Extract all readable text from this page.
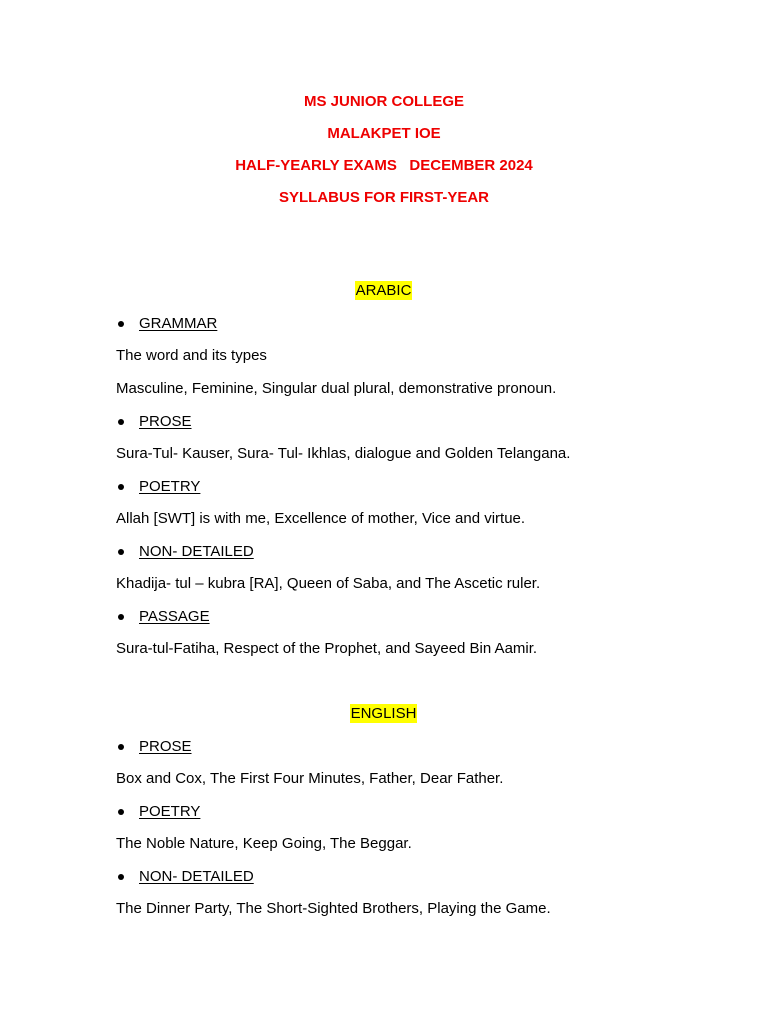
MS JUNIOR COLLEGE
MALAKPET IOE
HALF-YEARLY EXAMS   DECEMBER 2024
SYLLABUS FOR FIRST-YEAR
ARABIC
GRAMMAR
The word and its types
Masculine, Feminine, Singular dual plural, demonstrative pronoun.
PROSE
Sura-Tul- Kauser, Sura- Tul- Ikhlas, dialogue and Golden Telangana.
POETRY
Allah [SWT] is with me, Excellence of mother, Vice and virtue.
NON- DETAILED
Khadija- tul – kubra [RA], Queen of Saba, and The Ascetic ruler.
PASSAGE
Sura-tul-Fatiha, Respect of the Prophet, and Sayeed Bin Aamir.
ENGLISH
PROSE
Box and Cox, The First Four Minutes, Father, Dear Father.
POETRY
The Noble Nature, Keep Going, The Beggar.
NON- DETAILED
The Dinner Party, The Short-Sighted Brothers, Playing the Game.
